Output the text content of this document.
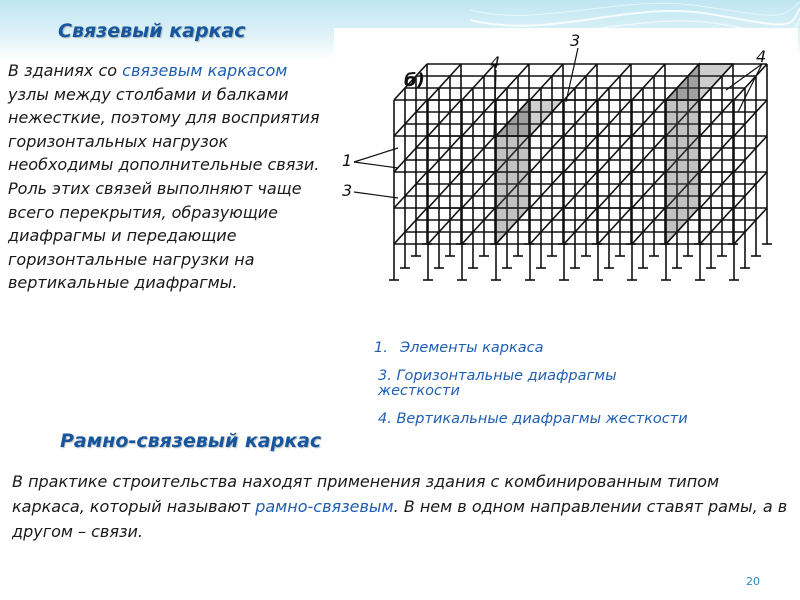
Связевый каркас

В зданиях со связевым каркасом узлы между столбами и балками нежесткие, поэтому для восприятия горизонтальных нагрузок необходимы дополнительные связи. Роль этих связей выполняют чаще всего перекрытия, образующие диафрагмы и передающие горизонтальные нагрузки на вертикальные диафрагмы.

б)
3
4	4
1
3

1. Элементы каркаса

3. Горизонтальные диафрагмы жесткости

4. Вертикальные диафрагмы жесткости

Рамно-связевый каркас

В практике строительства находят применения здания с комбинированным типом каркаса, который называют рамно-связевым. В нем в одном направлении ставят рамы, а в другом – связи.

20
